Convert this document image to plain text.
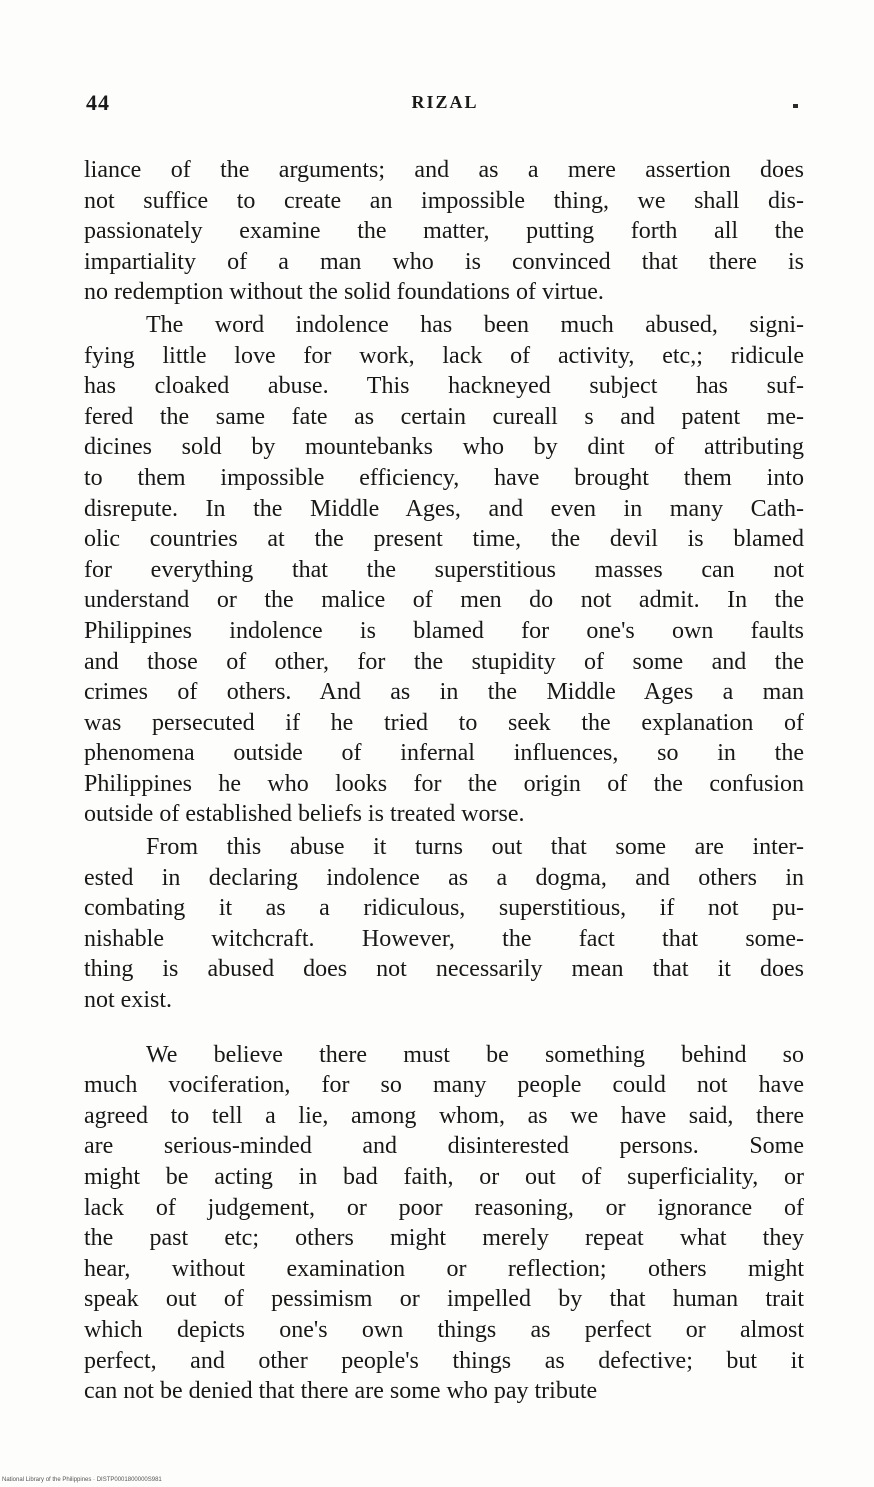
44	RIZAL
liance of the arguments; and as a mere assertion does
not suffice to create an impossible thing, we shall dis-
passionately examine the matter, putting forth all the
impartiality of a man who is convinced that there is
no redemption without the solid foundations of virtue.
The word indolence has been much abused, signi-
fying little love for work, lack of activity, etc,; ridicule
has cloaked abuse. This hackneyed subject has suf-
fered the same fate as certain cureall s and patent me-
dicines sold by mountebanks who by dint of attributing
to them impossible efficiency, have brought them into
disrepute. In the Middle Ages, and even in many Cath-
olic countries at the present time, the devil is blamed
for everything that the superstitious masses can not
understand or the malice of men do not admit. In the
Philippines indolence is blamed for one's own faults
and those of other, for the stupidity of some and the
crimes of others. And as in the Middle Ages a man
was persecuted if he tried to seek the explanation of
phenomena outside of infernal influences, so in the
Philippines he who looks for the origin of the confusion
outside of established beliefs is treated worse.
From this abuse it turns out that some are inter-
ested in declaring indolence as a dogma, and others in
combating it as a ridiculous, superstitious, if not pu-
nishable witchcraft. However, the fact that some-
thing is abused does not necessarily mean that it does
not exist.
We believe there must be something behind so
much vociferation, for so many people could not have
agreed to tell a lie, among whom, as we have said, there
are serious-minded and disinterested persons. Some
might be acting in bad faith, or out of superficiality, or
lack of judgement, or poor reasoning, or ignorance of
the past etc; others might merely repeat what they
hear, without examination or reflection; others might
speak out of pessimism or impelled by that human trait
which depicts one's own things as perfect or almost
perfect, and other people's things as defective; but it
can not be denied that there are some who pay tribute
National Library of the Philippines · DISTP0001800000S981
